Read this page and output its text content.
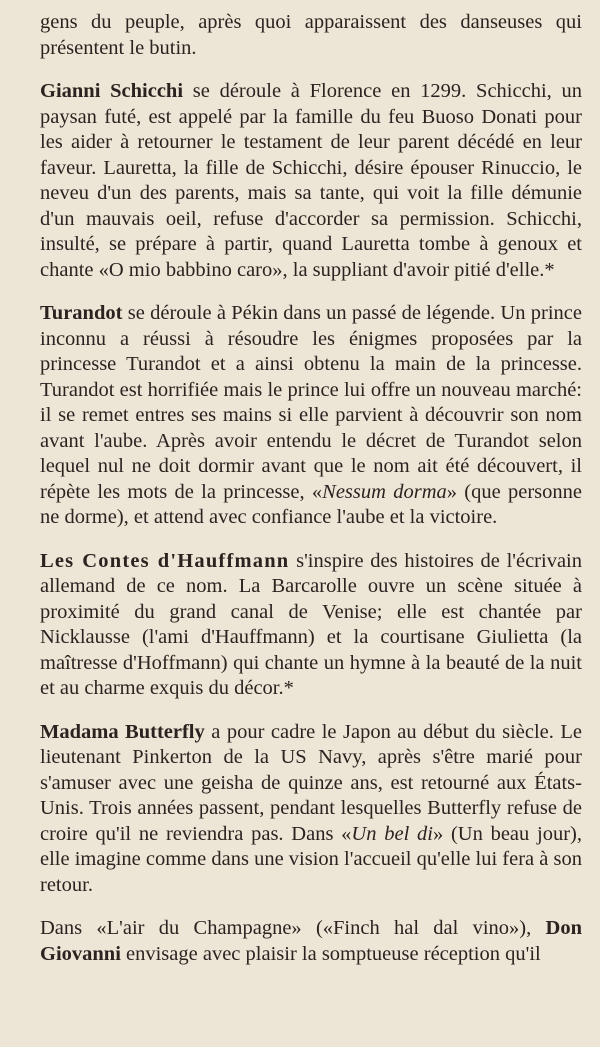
gens du peuple, après quoi apparaissent des danseuses qui présentent le butin.

Gianni Schicchi se déroule à Florence en 1299. Schicchi, un paysan futé, est appelé par la famille du feu Buoso Donati pour les aider à retourner le testament de leur parent décédé en leur faveur. Lauretta, la fille de Schicchi, désire épouser Rinuccio, le neveu d'un des parents, mais sa tante, qui voit la fille démunie d'un mauvais oeil, refuse d'accorder sa permission. Schicchi, insulté, se prépare à partir, quand Lauretta tombe à genoux et chante «O mio babbino caro», la suppliant d'avoir pitié d'elle.*

Turandot se déroule à Pékin dans un passé de légende. Un prince inconnu a réussi à résoudre les énigmes proposées par la princesse Turandot et a ainsi obtenu la main de la princesse. Turandot est horrifiée mais le prince lui offre un nouveau marché: il se remet entres ses mains si elle parvient à découvrir son nom avant l'aube. Après avoir entendu le décret de Turandot selon lequel nul ne doit dormir avant que le nom ait été découvert, il répète les mots de la princesse, «Nessum dorma» (que personne ne dorme), et attend avec confiance l'aube et la victoire.

Les Contes d'Hauffmann s'inspire des histoires de l'écrivain allemand de ce nom. La Barcarolle ouvre un scène située à proximité du grand canal de Venise; elle est chantée par Nicklausse (l'ami d'Hauffmann) et la courtisane Giulietta (la maîtresse d'Hoffmann) qui chante un hymne à la beauté de la nuit et au charme exquis du décor.*

Madama Butterfly a pour cadre le Japon au début du siècle. Le lieutenant Pinkerton de la US Navy, après s'être marié pour s'amuser avec une geisha de quinze ans, est retourné aux États-Unis. Trois années passent, pendant lesquelles Butterfly refuse de croire qu'il ne reviendra pas. Dans «Un bel di» (Un beau jour), elle imagine comme dans une vision l'accueil qu'elle lui fera à son retour.

Dans «L'air du Champagne» («Finch hal dal vino»), Don Giovanni envisage avec plaisir la somptueuse réception qu'il
